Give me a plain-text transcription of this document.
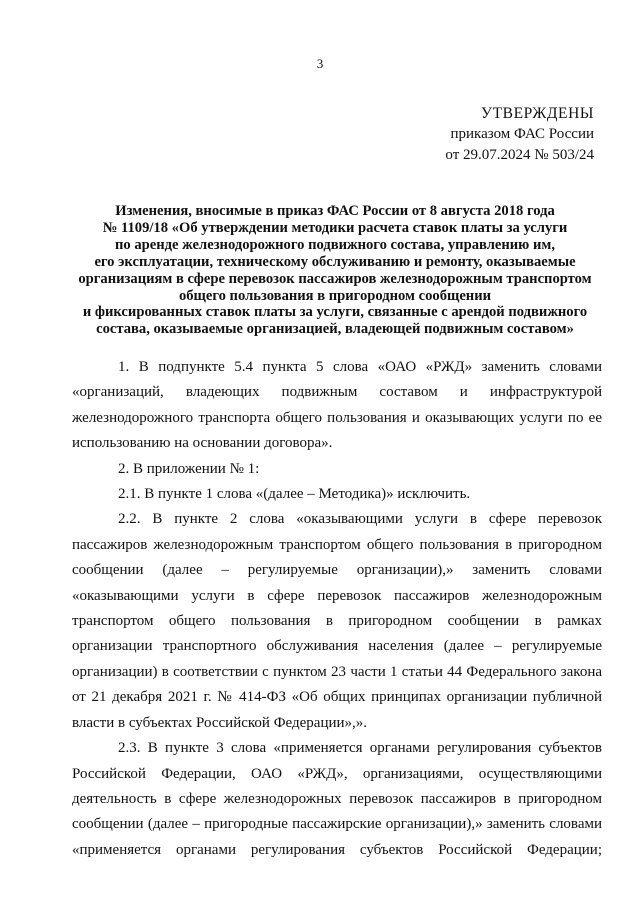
3
УТВЕРЖДЕНЫ
приказом ФАС России
от 29.07.2024 № 503/24
Изменения, вносимые в приказ ФАС России от 8 августа 2018 года
№ 1109/18 «Об утверждении методики расчета ставок платы за услуги
по аренде железнодорожного подвижного состава, управлению им,
его эксплуатации, техническому обслуживанию и ремонту, оказываемые
организациям в сфере перевозок пассажиров железнодорожным транспортом
общего пользования в пригородном сообщении
и фиксированных ставок платы за услуги, связанные с арендой подвижного
состава, оказываемые организацией, владеющей подвижным составом»

1. В подпункте 5.4 пункта 5 слова «ОАО «РЖД» заменить словами «организаций, владеющих подвижным составом и инфраструктурой железнодорожного транспорта общего пользования и оказывающих услуги по ее использованию на основании договора».

2. В приложении № 1:

2.1. В пункте 1 слова «(далее – Методика)» исключить.

2.2. В пункте 2 слова «оказывающими услуги в сфере перевозок пассажиров железнодорожным транспортом общего пользования в пригородном сообщении (далее – регулируемые организации),» заменить словами «оказывающими услуги в сфере перевозок пассажиров железнодорожным транспортом общего пользования в пригородном сообщении в рамках организации транспортного обслуживания населения (далее – регулируемые организации) в соответствии с пунктом 23 части 1 статьи 44 Федерального закона от 21 декабря 2021 г. № 414-ФЗ «Об общих принципах организации публичной власти в субъектах Российской Федерации»,».

2.3. В пункте 3 слова «применяется органами регулирования субъектов Российской Федерации, ОАО «РЖД», организациями, осуществляющими деятельность в сфере железнодорожных перевозок пассажиров в пригородном сообщении (далее – пригородные пассажирские организации),» заменить словами «применяется органами регулирования субъектов Российской Федерации;
